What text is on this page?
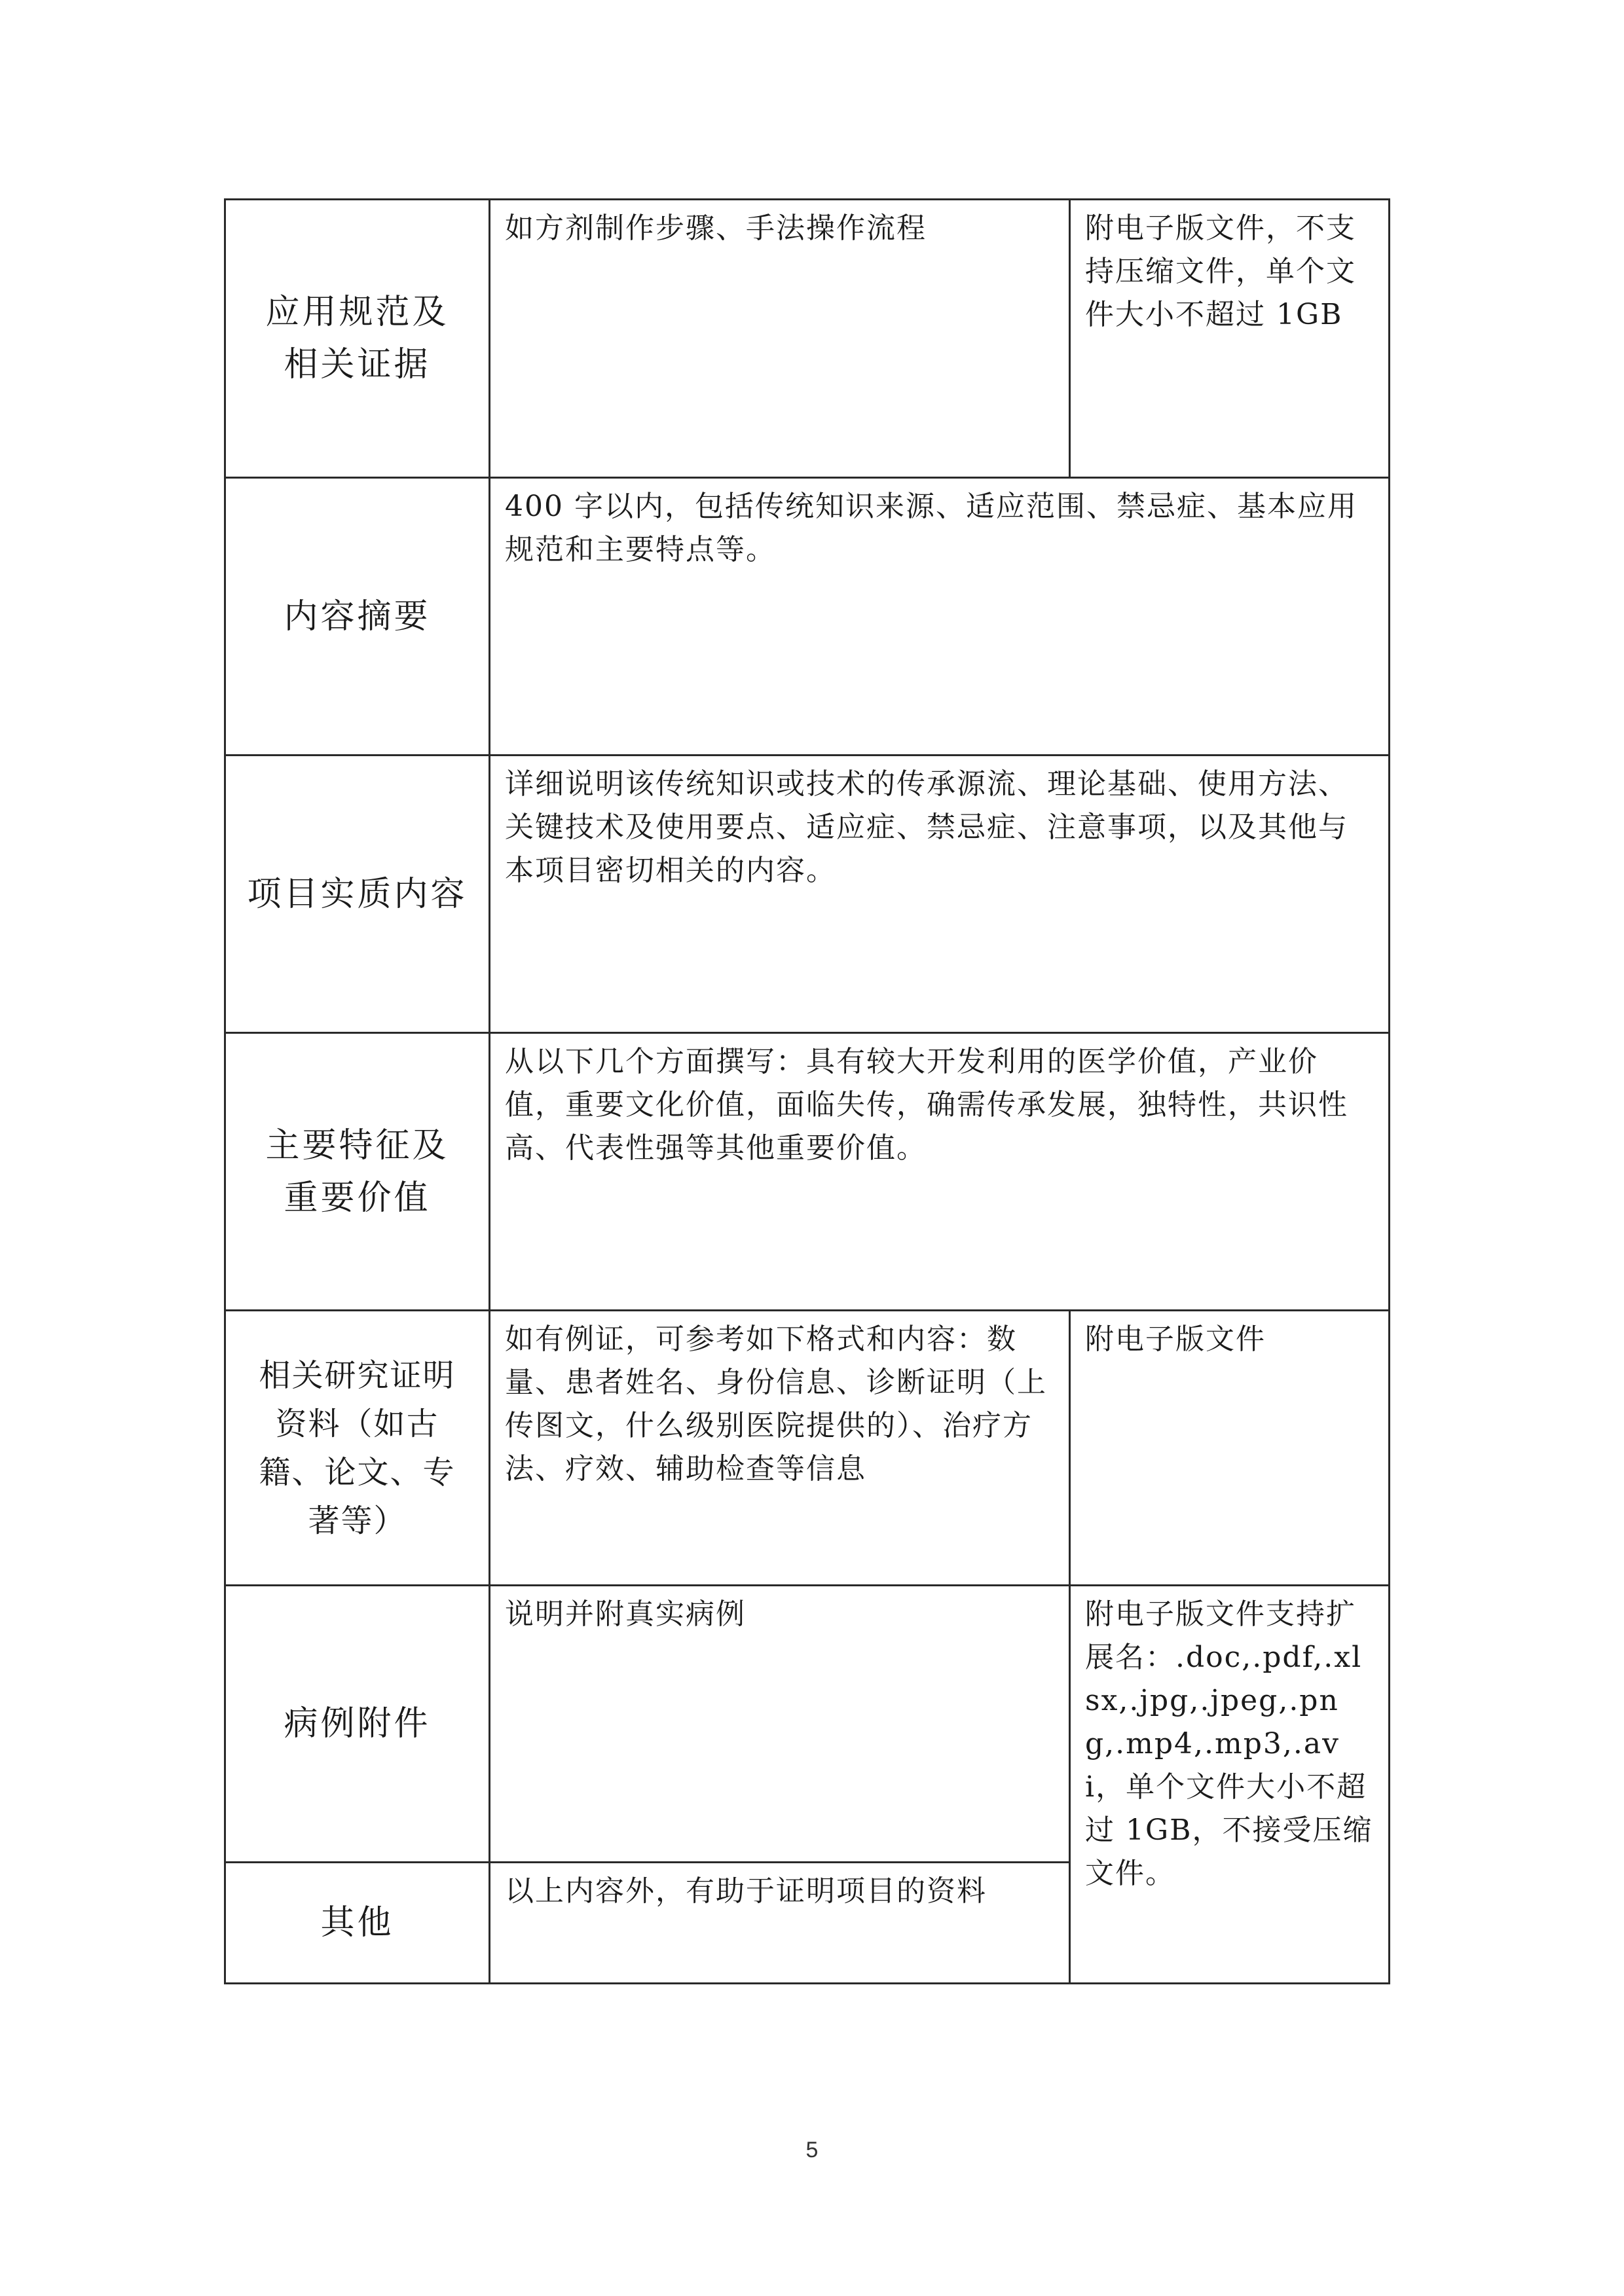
应用规范及相关证据	如方剂制作步骤、手法操作流程	附电子版文件，不支持压缩文件，单个文件大小不超过 1GB

内容摘要	400 字以内，包括传统知识来源、适应范围、禁忌症、基本应用规范和主要特点等。	

项目实质内容	详细说明该传统知识或技术的传承源流、理论基础、使用方法、关键技术及使用要点、适应症、禁忌症、注意事项，以及其他与本项目密切相关的内容。	

主要特征及重要价值	从以下几个方面撰写：具有较大开发利用的医学价值，产业价值，重要文化价值，面临失传，确需传承发展，独特性，共识性高、代表性强等其他重要价值。	

相关研究证明资料（如古籍、论文、专著等）	如有例证，可参考如下格式和内容：数量、患者姓名、身份信息、诊断证明（上传图文，什么级别医院提供的）、治疗方法、疗效、辅助检查等信息	附电子版文件

病例附件	说明并附真实病例	附电子版文件支持扩展名：.doc,.pdf,.xlsx,.jpg,.jpeg,.png,.mp4,.mp3,.avi，单个文件大小不超过 1GB，不接受压缩文件。

其他	以上内容外，有助于证明项目的资料	
5
